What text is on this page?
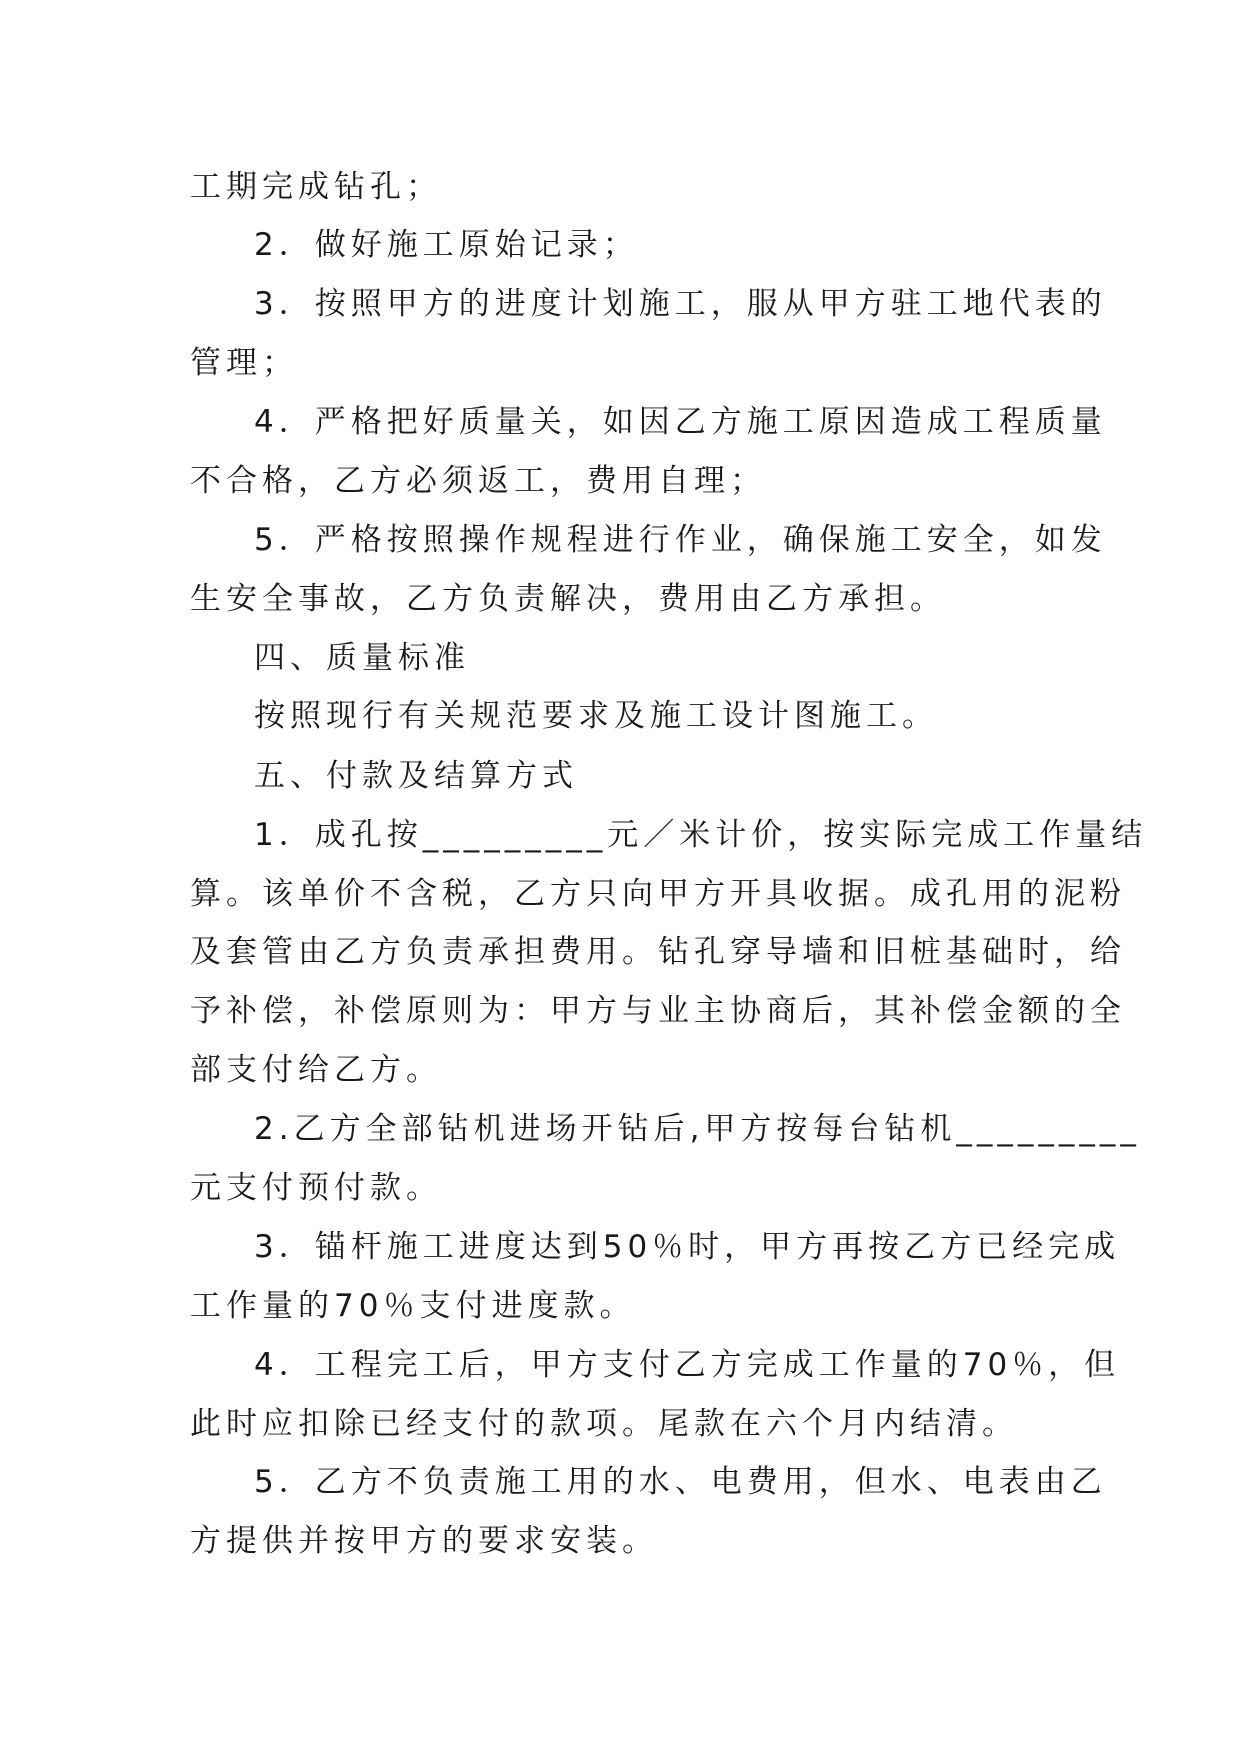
工期完成钻孔；
2．做好施工原始记录；
3．按照甲方的进度计划施工，服从甲方驻工地代表的
管理；
4．严格把好质量关，如因乙方施工原因造成工程质量
不合格，乙方必须返工，费用自理；
5．严格按照操作规程进行作业，确保施工安全，如发
生安全事故，乙方负责解决，费用由乙方承担。
四、质量标准
按照现行有关规范要求及施工设计图施工。
五、付款及结算方式
1．成孔按_________元／米计价，按实际完成工作量结
算。该单价不含税，乙方只向甲方开具收据。成孔用的泥粉
及套管由乙方负责承担费用。钻孔穿导墙和旧桩基础时，给
予补偿，补偿原则为：甲方与业主协商后，其补偿金额的全
部支付给乙方。
2.乙方全部钻机进场开钻后,甲方按每台钻机_________
元支付预付款。
3．锚杆施工进度达到50％时，甲方再按乙方已经完成
工作量的70％支付进度款。
4．工程完工后，甲方支付乙方完成工作量的70％，但
此时应扣除已经支付的款项。尾款在六个月内结清。
5．乙方不负责施工用的水、电费用，但水、电表由乙
方提供并按甲方的要求安装。
